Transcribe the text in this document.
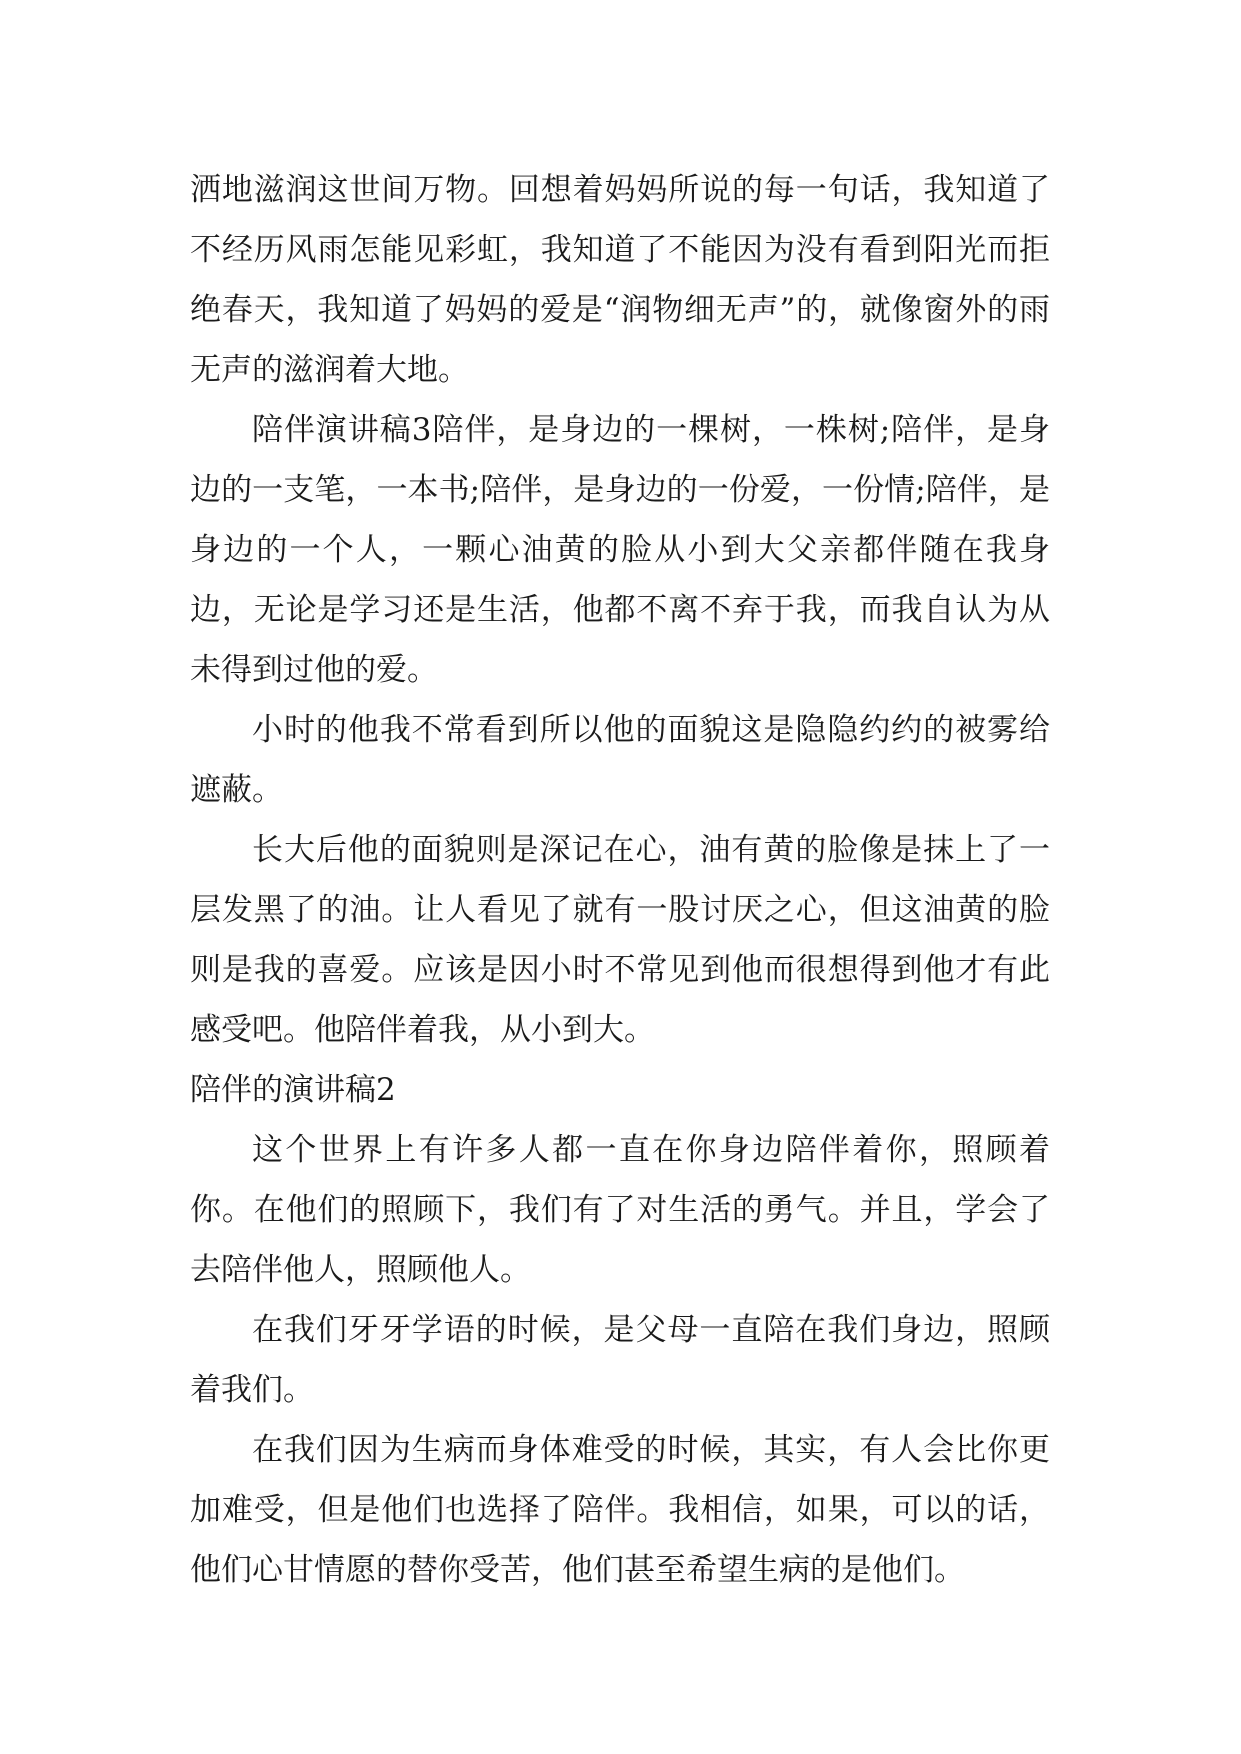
洒地滋润这世间万物。回想着妈妈所说的每一句话，我知道了不经历风雨怎能见彩虹，我知道了不能因为没有看到阳光而拒绝春天，我知道了妈妈的爱是“润物细无声”的，就像窗外的雨无声的滋润着大地。

陪伴演讲稿3陪伴，是身边的一棵树，一株树;陪伴，是身边的一支笔，一本书;陪伴，是身边的一份爱，一份情;陪伴，是身边的一个人，一颗心油黄的脸从小到大父亲都伴随在我身边，无论是学习还是生活，他都不离不弃于我，而我自认为从未得到过他的爱。

小时的他我不常看到所以他的面貌这是隐隐约约的被雾给遮蔽。

长大后他的面貌则是深记在心，油有黄的脸像是抹上了一层发黑了的油。让人看见了就有一股讨厌之心，但这油黄的脸则是我的喜爱。应该是因小时不常见到他而很想得到他才有此感受吧。他陪伴着我，从小到大。

陪伴的演讲稿2

这个世界上有许多人都一直在你身边陪伴着你，照顾着你。在他们的照顾下，我们有了对生活的勇气。并且，学会了去陪伴他人，照顾他人。

在我们牙牙学语的时候，是父母一直陪在我们身边，照顾着我们。

在我们因为生病而身体难受的时候，其实，有人会比你更加难受，但是他们也选择了陪伴。我相信，如果，可以的话，他们心甘情愿的替你受苦，他们甚至希望生病的是他们。
